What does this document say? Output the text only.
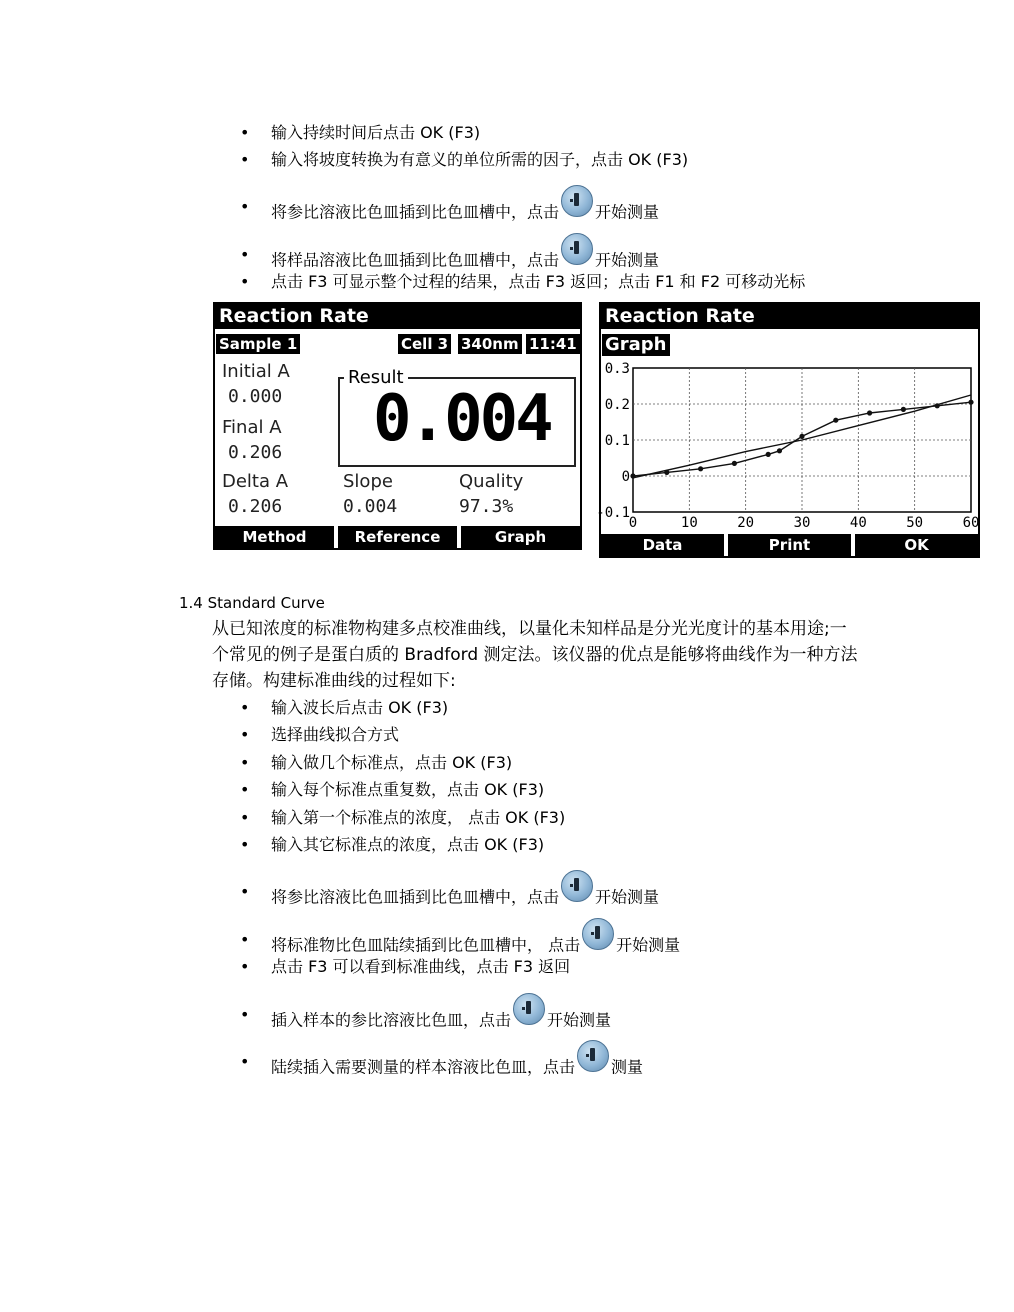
• 输入持续时间后点击 OK (F3)
• 输入将坡度转换为有意义的单位所需的因子，点击 OK (F3)
• 将参比溶液比色皿插到比色皿槽中，点击 开始测量
• 将样品溶液比色皿插到比色皿槽中，点击 开始测量
• 点击 F3 可显示整个过程的结果，点击 F3 返回；点击 F1 和 F2 可移动光标
Reaction Rate
Sample 1	Cell 3 340nm 11:41
Initial A
0.000
Final A
0.206
Delta A
0.206
Result
0.004
Slope
0.004
Quality
97.3%
Method	Reference	Graph
Reaction Rate
Graph
0	10	20	30	40	50	60
-0.1
0
0.1
0.2
0.3
Data	Print	OK
1.4 Standard Curve
从已知浓度的标准物构建多点校准曲线，以量化未知样品是分光光度计的基本用途;一
个常见的例子是蛋白质的 Bradford 测定法。该仪器的优点是能够将曲线作为一种方法
存储。构建标准曲线的过程如下:
• 输入波长后点击 OK (F3)
• 选择曲线拟合方式
• 输入做几个标准点，点击 OK (F3)
• 输入每个标准点重复数，点击 OK (F3)
• 输入第一个标准点的浓度， 点击 OK (F3)
• 输入其它标准点的浓度，点击 OK (F3)
• 将参比溶液比色皿插到比色皿槽中，点击 开始测量
• 将标准物比色皿陆续插到比色皿槽中， 点击 开始测量
• 点击 F3 可以看到标准曲线，点击 F3 返回
• 插入样本的参比溶液比色皿，点击 开始测量
• 陆续插入需要测量的样本溶液比色皿，点击 测量
